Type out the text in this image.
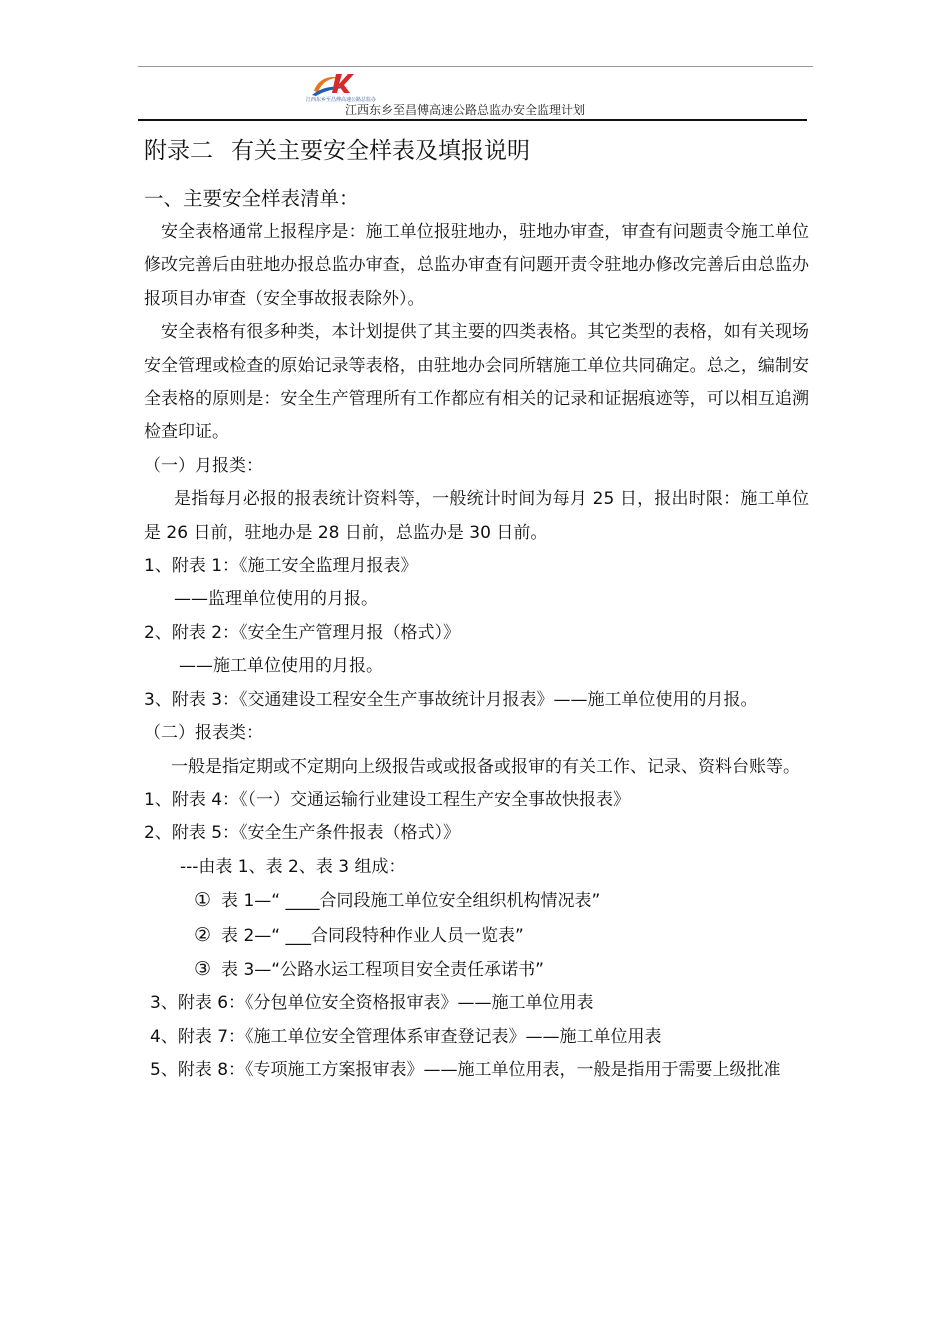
江西东乡至昌傅高速公路总监办
江西东乡至昌傅高速公路总监办安全监理计划
附录二 有关主要安全样表及填报说明
一、主要安全样表清单：

安全表格通常上报程序是：施工单位报驻地办，驻地办审查，审查有问题责令施工单位修改完善后由驻地办报总监办审查，总监办审查有问题开责令驻地办修改完善后由总监办报项目办审查（安全事故报表除外）。

安全表格有很多种类，本计划提供了其主要的四类表格。其它类型的表格，如有关现场安全管理或检查的原始记录等表格，由驻地办会同所辖施工单位共同确定。总之，编制安全表格的原则是：安全生产管理所有工作都应有相关的记录和证据痕迹等，可以相互追溯检查印证。

（一）月报类：

是指每月必报的报表统计资料等，一般统计时间为每月 25 日，报出时限：施工单位是 26 日前，驻地办是 28 日前，总监办是 30 日前。

1、附表 1：《施工安全监理月报表》

——监理单位使用的月报。

2、附表 2：《安全生产管理月报（格式）》

——施工单位使用的月报。

3、附表 3：《交通建设工程安全生产事故统计月报表》——施工单位使用的月报。

（二）报表类：

一般是指定期或不定期向上级报告或或报备或报审的有关工作、记录、资料台账等。

1、附表 4：《（一）交通运输行业建设工程生产安全事故快报表》

2、附表 5：《安全生产条件报表（格式）》

---由表 1、表 2、表 3 组成：

① 表 1—“ ____合同段施工单位安全组织机构情况表”

② 表 2—“ ___合同段特种作业人员一览表”

③ 表 3—“公路水运工程项目安全责任承诺书”

3、附表 6：《分包单位安全资格报审表》——施工单位用表

4、附表 7：《施工单位安全管理体系审查登记表》——施工单位用表

5、附表 8：《专项施工方案报审表》——施工单位用表，一般是指用于需要上级批准
